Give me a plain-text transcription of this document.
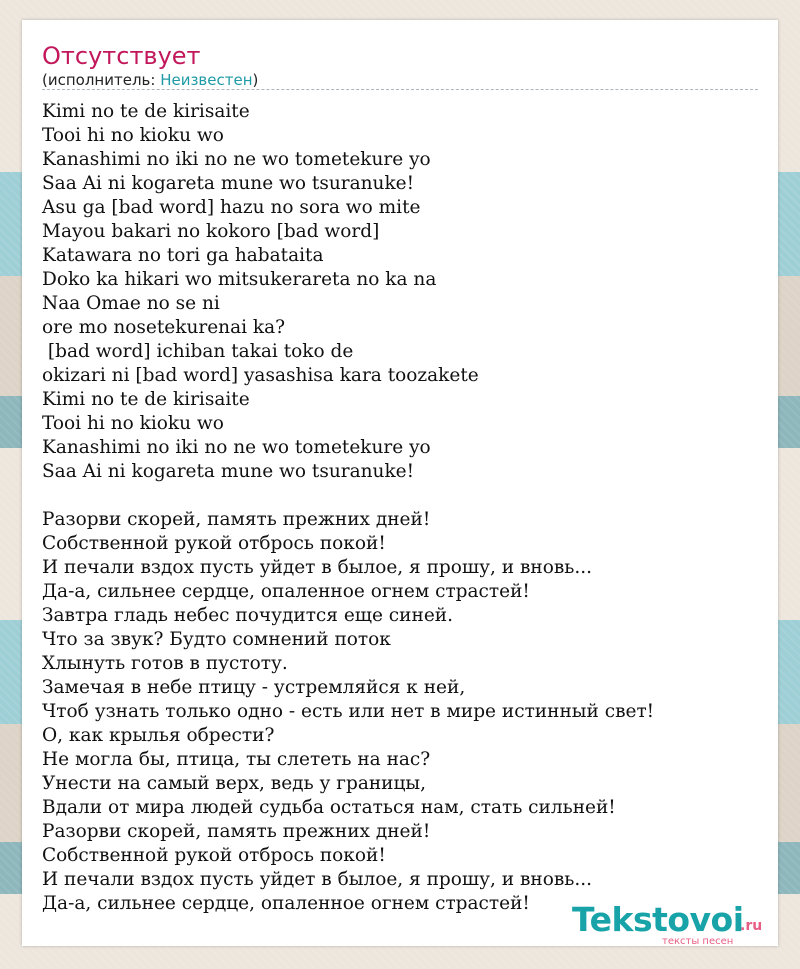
Отсутствует
(исполнитель: Неизвестен)
Kimi no te de kirisaite
Tooi hi no kioku wo
Kanashimi no iki no ne wo tometekure yo
Saa Ai ni kogareta mune wo tsuranuke!
Asu ga [bad word] hazu no sora wo mite
Mayou bakari no kokoro [bad word]
Katawara no tori ga habataita
Doko ka hikari wo mitsukerareta no ka na
Naa Omae no se ni
ore mo nosetekurenai ka?
[bad word] ichiban takai toko de
okizari ni [bad word] yasashisa kara toozakete
Kimi no te de kirisaite
Tooi hi no kioku wo
Kanashimi no iki no ne wo tometekure yo
Saa Ai ni kogareta mune wo tsuranuke!
Разорви скорей, память прежних дней!
Собственной рукой отбрось покой!
И печали вздох пусть уйдет в былое, я прошу, и вновь...
Да-а, сильнее сердце, опаленное огнем страстей!
Завтра гладь небес почудится еще синей.
Что за звук? Будто сомнений поток
Хлынуть готов в пустоту.
Замечая в небе птицу - устремляйся к ней,
Чтоб узнать только одно - есть или нет в мире истинный свет!
О, как крылья обрести?
Не могла бы, птица, ты слететь на нас?
Унести на самый верх, ведь у границы,
Вдали от мира людей судьба остаться нам, стать сильней!
Разорви скорей, память прежних дней!
Собственной рукой отбрось покой!
И печали вздох пусть уйдет в былое, я прошу, и вновь...
Да-а, сильнее сердце, опаленное огнем страстей!	Tekstovoi
.ru
тексты песен
